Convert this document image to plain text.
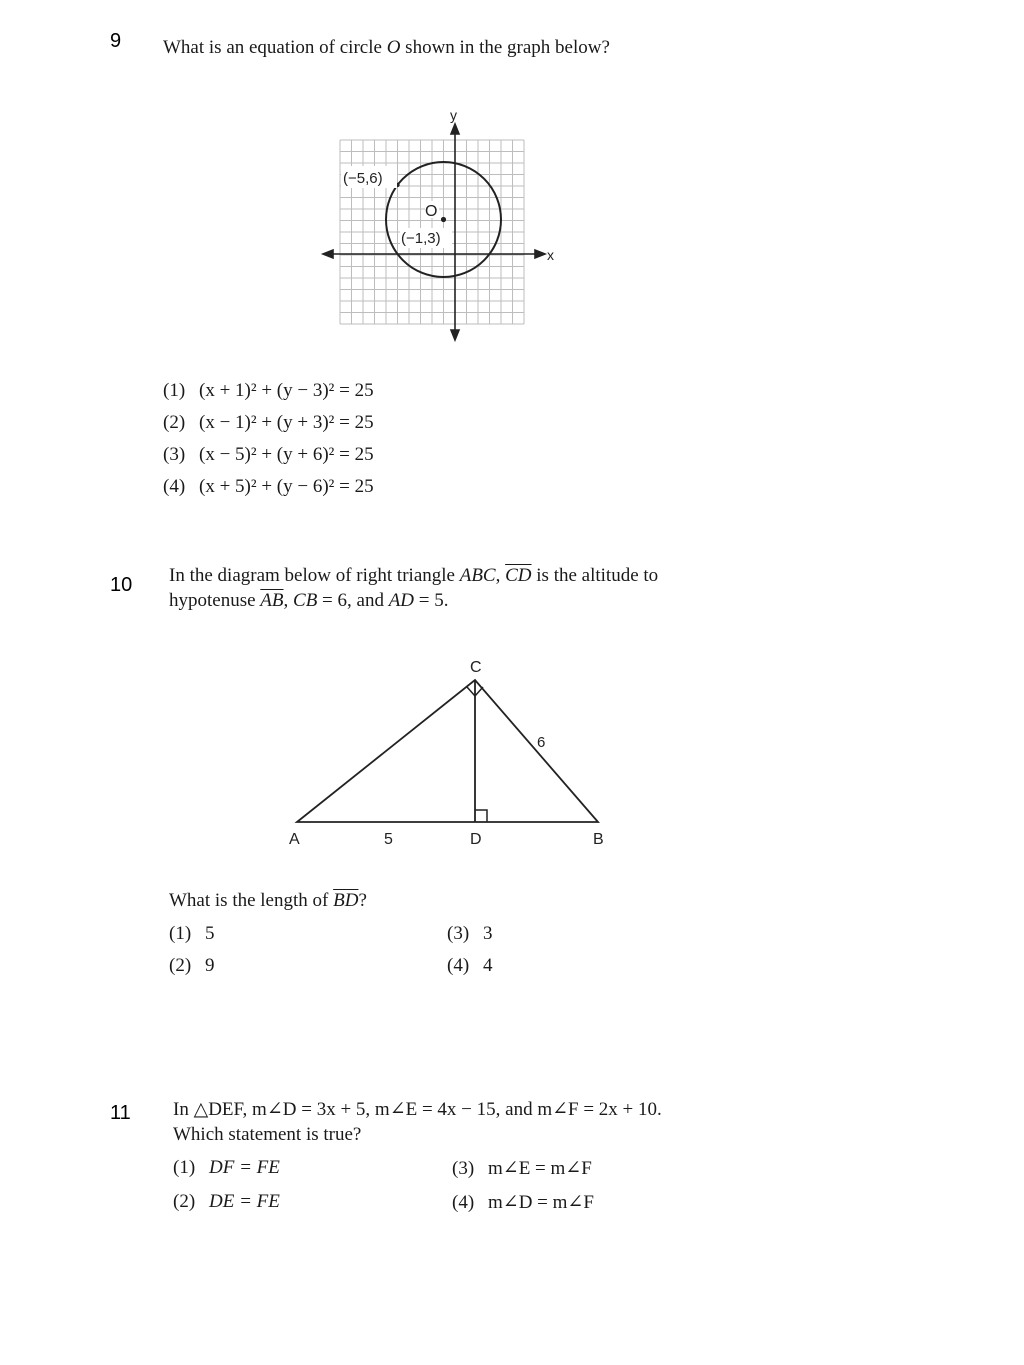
9 What is an equation of circle O shown in the graph below?
(−5,6)
O
(−1,3)
x
y
(1) (x + 1)² + (y − 3)² = 25
(2) (x − 1)² + (y + 3)² = 25
(3) (x − 5)² + (y + 6)² = 25
(4) (x + 5)² + (y − 6)² = 25
10 In the diagram below of right triangle ABC, $\overline{CD}$ is the altitude to
hypotenuse $\overline{AB}$, CB = 6, and AD = 5.
C
A	D	B
5
6
What is the length of $\overline{BD}$?
(1) 5
(2) 9
(3) 3
(4) 4
11 In △DEF, m∠D = 3x + 5, m∠E = 4x − 15, and m∠F = 2x + 10.
Which statement is true?
(1) DF = FE
(2) DE = FE
(3) m∠E = m∠F
(4) m∠D = m∠F
